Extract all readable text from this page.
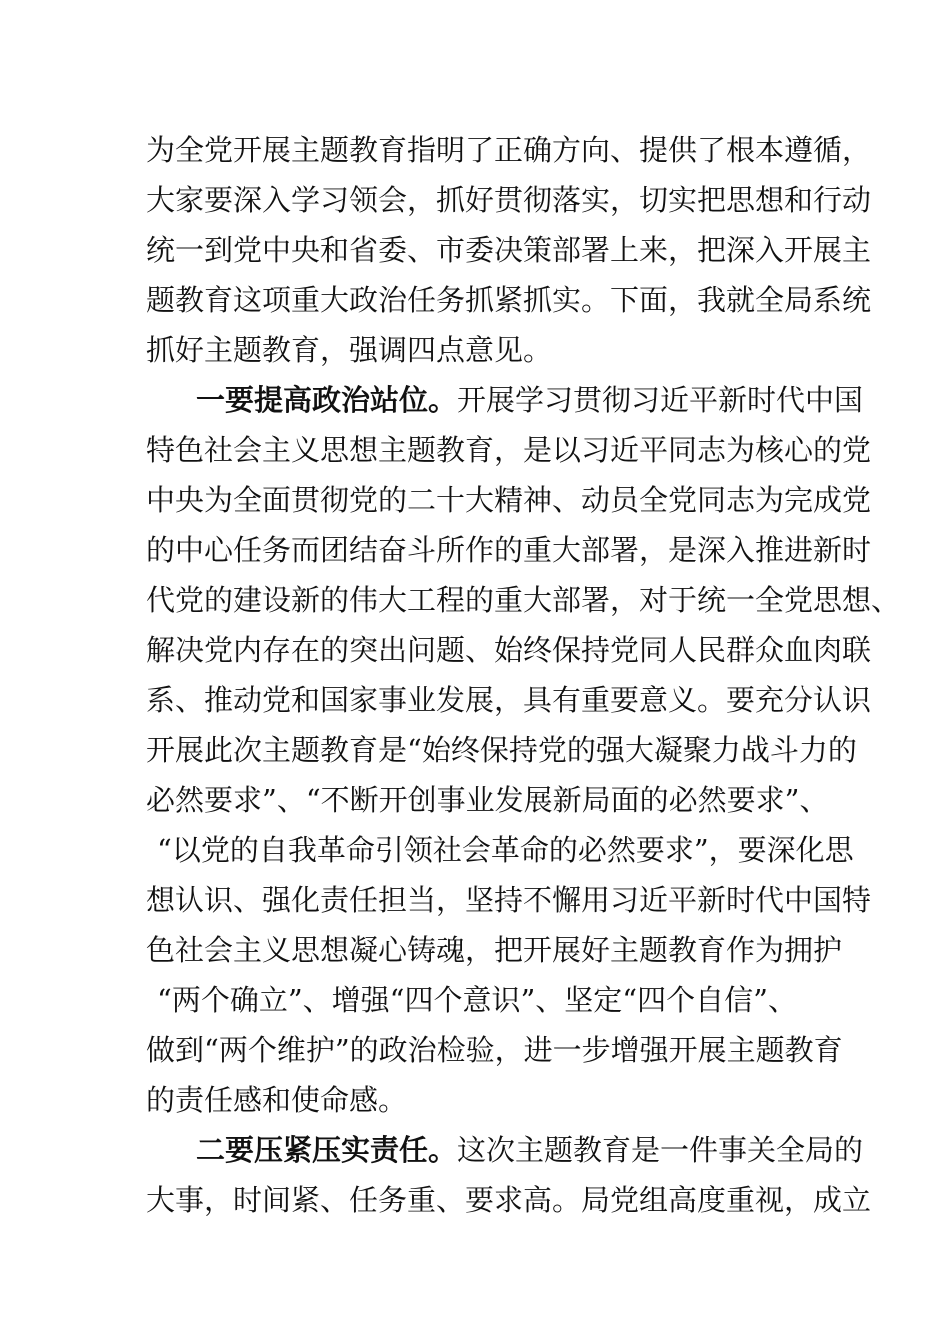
为全党开展主题教育指明了正确方向、提供了根本遵循，
大家要深入学习领会，抓好贯彻落实，切实把思想和行动
统一到党中央和省委、市委决策部署上来，把深入开展主
题教育这项重大政治任务抓紧抓实。下面，我就全局系统
抓好主题教育，强调四点意见。
一要提高政治站位。开展学习贯彻习近平新时代中国
特色社会主义思想主题教育，是以习近平同志为核心的党
中央为全面贯彻党的二十大精神、动员全党同志为完成党
的中心任务而团结奋斗所作的重大部署，是深入推进新时
代党的建设新的伟大工程的重大部署，对于统一全党思想、
解决党内存在的突出问题、始终保持党同人民群众血肉联
系、推动党和国家事业发展，具有重要意义。要充分认识
开展此次主题教育是“始终保持党的强大凝聚力战斗力的
必然要求”、“不断开创事业发展新局面的必然要求”、
“以党的自我革命引领社会革命的必然要求”，要深化思
想认识、强化责任担当，坚持不懈用习近平新时代中国特
色社会主义思想凝心铸魂，把开展好主题教育作为拥护
“两个确立”、增强“四个意识”、坚定“四个自信”、
做到“两个维护”的政治检验，进一步增强开展主题教育
的责任感和使命感。
二要压紧压实责任。这次主题教育是一件事关全局的
大事，时间紧、任务重、要求高。局党组高度重视，成立
